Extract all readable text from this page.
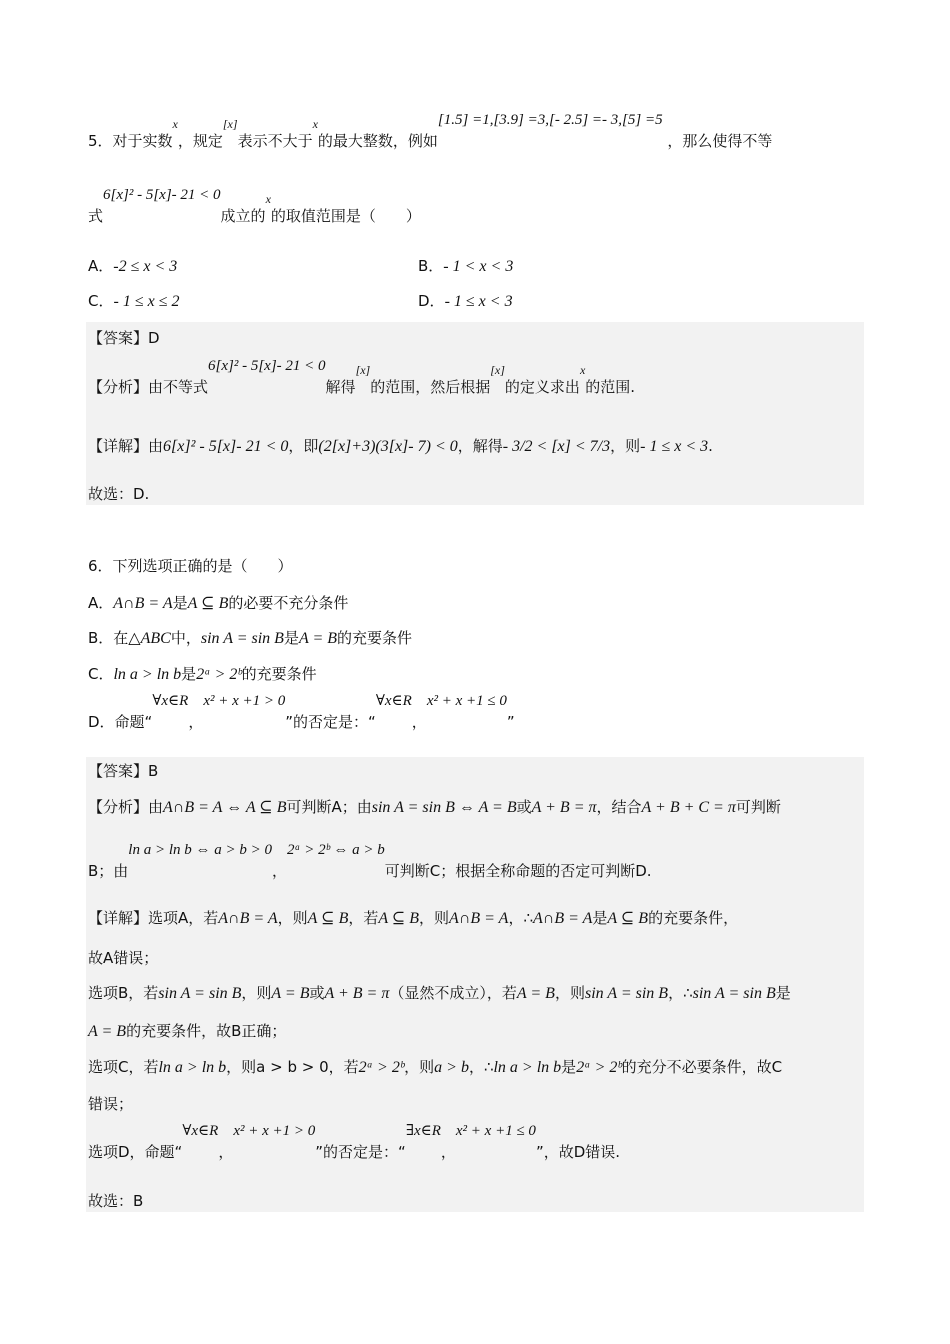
5．对于实数$^x$，规定[x]表示不大于$^x$的最大整数，例如[1.5] =1,[3.9] =3,[- 2.5] =- 3,[5] =5 ，那么使得不等
式6[x]² - 5[x]- 21 < 0成立的$^x$的取值范围是（　　）
A．-2 ≤ x < 3	B．- 1 < x < 3
C．- 1 ≤ x ≤ 2	D．- 1 ≤ x < 3
【答案】D
【分析】由不等式6[x]² - 5[x]- 21 < 0解得[x]的范围，然后根据[x]的定义求出$^x$的范围.
【详解】由6[x]² - 5[x]- 21 < 0，即(2[x]+3)(3[x]- 7) < 0，解得- 3/2 < [x] < 7/3，则- 1 ≤ x < 3.
故选：D.
6．下列选项正确的是（　　）
A．A∩B = A是A ⊆ B的必要不充分条件
B．在△ABC中，sin A = sin B是A = B的充要条件
C．ln a > ln b是2ᵃ > 2ᵇ的充要条件
D．命题“∀x∈R，x² + x +1 > 0”的否定是：“∀x∈R，x² + x +1 ≤ 0”
【答案】B
【分析】由A∩B = A ⇔ A ⊆ B可判断A；由sin A = sin B ⇔ A = B或A + B = π，结合A + B + C = π可判断
B；由ln a > ln b ⇔ a > b > 0，2ᵃ > 2ᵇ ⇔ a > b可判断C；根据全称命题的否定可判断D.
【详解】选项A，若A∩B = A，则A ⊆ B，若A ⊆ B，则A∩B = A，∴A∩B = A是A ⊆ B的充要条件，
故A错误；
选项B，若sin A = sin B，则A = B或A + B = π（显然不成立），若A = B，则sin A = sin B，∴sin A = sin B是
A = B的充要条件，故B正确；
选项C，若ln a > ln b，则a > b > 0，若2ᵃ > 2ᵇ，则a > b，∴ln a > ln b是2ᵃ > 2ᵇ的充分不必要条件，故C
错误；
选项D，命题“∀x∈R，x² + x +1 > 0”的否定是：“∃x∈R，x² + x +1 ≤ 0”，故D错误.
故选：B
